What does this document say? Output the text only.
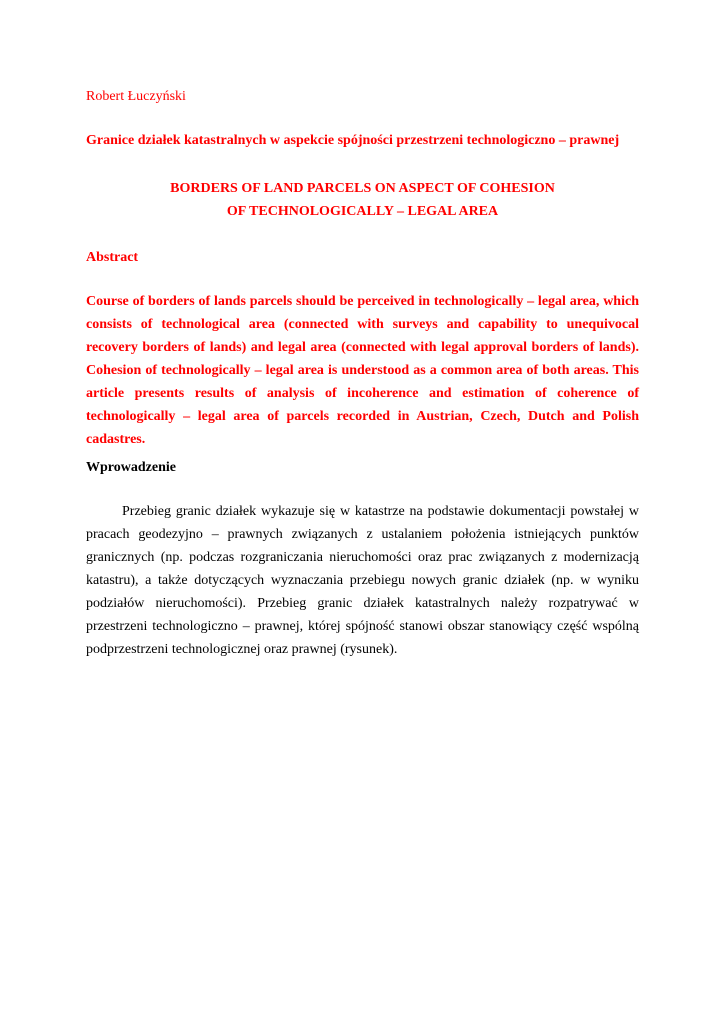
Robert Łuczyński
Granice działek katastralnych w aspekcie spójności przestrzeni technologiczno – prawnej
BORDERS OF LAND PARCELS ON ASPECT OF COHESION
OF TECHNOLOGICALLY – LEGAL AREA
Abstract
Course of borders of lands parcels should be perceived in technologically – legal area, which consists of technological area (connected with surveys and capability to unequivocal recovery borders of lands) and legal area (connected with legal approval borders of lands). Cohesion of technologically – legal area is understood as a common area of both areas. This article presents results of analysis of incoherence and estimation of coherence of technologically – legal area of parcels recorded in Austrian, Czech, Dutch and Polish cadastres.
Wprowadzenie
Przebieg granic działek wykazuje się w katastrze na podstawie dokumentacji powstałej w pracach geodezyjno – prawnych związanych z ustalaniem położenia istniejących punktów granicznych (np. podczas rozgraniczania nieruchomości oraz prac związanych z modernizacją katastru), a także dotyczących wyznaczania przebiegu nowych granic działek (np. w wyniku podziałów nieruchomości). Przebieg granic działek katastralnych należy rozpatrywać w przestrzeni technologiczno – prawnej, której spójność stanowi obszar stanowiący część wspólną podprzestrzeni technologicznej oraz prawnej (rysunek).
